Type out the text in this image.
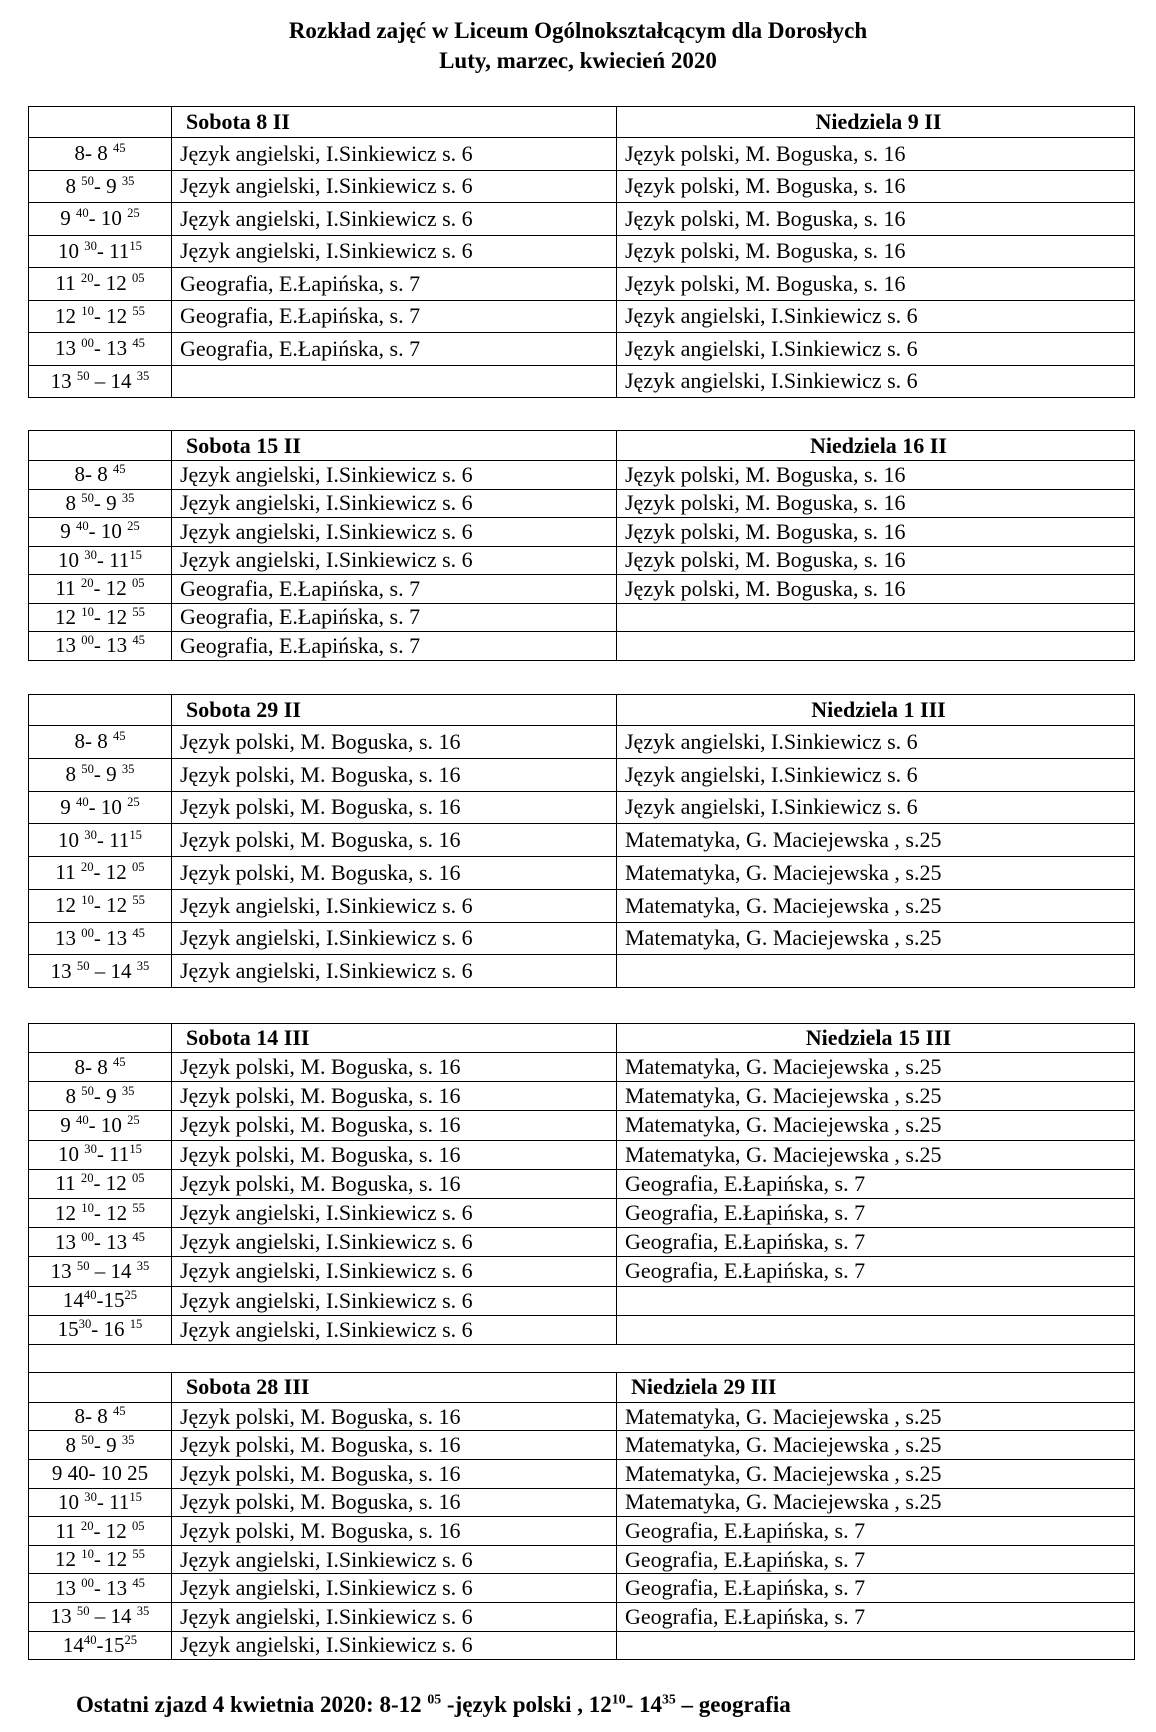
Rozkład zajęć w Liceum Ogólnokształcącym dla Dorosłych
Luty, marzec, kwiecień 2020
	Sobota 8 II	Niedziela 9 II
8- 8 $^{45}$	Język angielski, I.Sinkiewicz s. 6	Język polski, M. Boguska, s. 16
8 $^{50}$- 9 $^{35}$	Język angielski, I.Sinkiewicz s. 6	Język polski, M. Boguska, s. 16
9 $^{40}$- 10 $^{25}$	Język angielski, I.Sinkiewicz s. 6	Język polski, M. Boguska, s. 16
10 $^{30}$- $11^{15}$	Język angielski, I.Sinkiewicz s. 6	Język polski, M. Boguska, s. 16
11 $^{20}$- 12 $^{05}$	Geografia, E.Łapińska, s. 7	Język polski, M. Boguska, s. 16
12 $^{10}$- 12 $^{55}$	Geografia, E.Łapińska, s. 7	Język angielski, I.Sinkiewicz s. 6
13 $^{00}$- 13 $^{45}$	Geografia, E.Łapińska, s. 7	Język angielski, I.Sinkiewicz s. 6
13 $^{50}$ – 14 $^{35}$		Język angielski, I.Sinkiewicz s. 6
	Sobota 15 II	Niedziela 16 II
8- 8 $^{45}$	Język angielski, I.Sinkiewicz s. 6	Język polski, M. Boguska, s. 16
8 $^{50}$- 9 $^{35}$	Język angielski, I.Sinkiewicz s. 6	Język polski, M. Boguska, s. 16
9 $^{40}$- 10 $^{25}$	Język angielski, I.Sinkiewicz s. 6	Język polski, M. Boguska, s. 16
10 $^{30}$- $11^{15}$	Język angielski, I.Sinkiewicz s. 6	Język polski, M. Boguska, s. 16
11 $^{20}$- 12 $^{05}$	Geografia, E.Łapińska, s. 7	Język polski, M. Boguska, s. 16
12 $^{10}$- 12 $^{55}$	Geografia, E.Łapińska, s. 7	
13 $^{00}$- 13 $^{45}$	Geografia, E.Łapińska, s. 7	
	Sobota 29 II	Niedziela 1 III
8- 8 $^{45}$	Język polski, M. Boguska, s. 16	Język angielski, I.Sinkiewicz s. 6
8 $^{50}$- 9 $^{35}$	Język polski, M. Boguska, s. 16	Język angielski, I.Sinkiewicz s. 6
9 $^{40}$- 10 $^{25}$	Język polski, M. Boguska, s. 16	Język angielski, I.Sinkiewicz s. 6
10 $^{30}$- $11^{15}$	Język polski, M. Boguska, s. 16	Matematyka, G. Maciejewska , s.25
11 $^{20}$- 12 $^{05}$	Język polski, M. Boguska, s. 16	Matematyka, G. Maciejewska , s.25
12 $^{10}$- 12 $^{55}$	Język angielski, I.Sinkiewicz s. 6	Matematyka, G. Maciejewska , s.25
13 $^{00}$- 13 $^{45}$	Język angielski, I.Sinkiewicz s. 6	Matematyka, G. Maciejewska , s.25
13 $^{50}$ – 14 $^{35}$	Język angielski, I.Sinkiewicz s. 6	
	Sobota 14 III	Niedziela 15 III
8- 8 $^{45}$	Język polski, M. Boguska, s. 16	Matematyka, G. Maciejewska , s.25
8 $^{50}$- 9 $^{35}$	Język polski, M. Boguska, s. 16	Matematyka, G. Maciejewska , s.25
9 $^{40}$- 10 $^{25}$	Język polski, M. Boguska, s. 16	Matematyka, G. Maciejewska , s.25
10 $^{30}$- $11^{15}$	Język polski, M. Boguska, s. 16	Matematyka, G. Maciejewska , s.25
11 $^{20}$- 12 $^{05}$	Język polski, M. Boguska, s. 16	Geografia, E.Łapińska, s. 7
12 $^{10}$- 12 $^{55}$	Język angielski, I.Sinkiewicz s. 6	Geografia, E.Łapińska, s. 7
13 $^{00}$- 13 $^{45}$	Język angielski, I.Sinkiewicz s. 6	Geografia, E.Łapińska, s. 7
13 $^{50}$ – 14 $^{35}$	Język angielski, I.Sinkiewicz s. 6	Geografia, E.Łapińska, s. 7
$14^{40}-15^{25}$	Język angielski, I.Sinkiewicz s. 6	
$15^{30}-$ 16 $^{15}$	Język angielski, I.Sinkiewicz s. 6	

	Sobota 28 III	Niedziela 29 III
8- 8 $^{45}$	Język polski, M. Boguska, s. 16	Matematyka, G. Maciejewska , s.25
8 $^{50}$- 9 $^{35}$	Język polski, M. Boguska, s. 16	Matematyka, G. Maciejewska , s.25
9 40- 10 25	Język polski, M. Boguska, s. 16	Matematyka, G. Maciejewska , s.25
10 $^{30}$- $11^{15}$	Język polski, M. Boguska, s. 16	Matematyka, G. Maciejewska , s.25
11 $^{20}$- 12 $^{05}$	Język polski, M. Boguska, s. 16	Geografia, E.Łapińska, s. 7
12 $^{10}$- 12 $^{55}$	Język angielski, I.Sinkiewicz s. 6	Geografia, E.Łapińska, s. 7
13 $^{00}$- 13 $^{45}$	Język angielski, I.Sinkiewicz s. 6	Geografia, E.Łapińska, s. 7
13 $^{50}$ – 14 $^{35}$	Język angielski, I.Sinkiewicz s. 6	Geografia, E.Łapińska, s. 7
$14^{40}-15^{25}$	Język angielski, I.Sinkiewicz s. 6	
Ostatni zjazd 4 kwietnia 2020: 8-12 $^{05}$ -język polski , $12^{10}-$ $14^{35}$ – geografia
